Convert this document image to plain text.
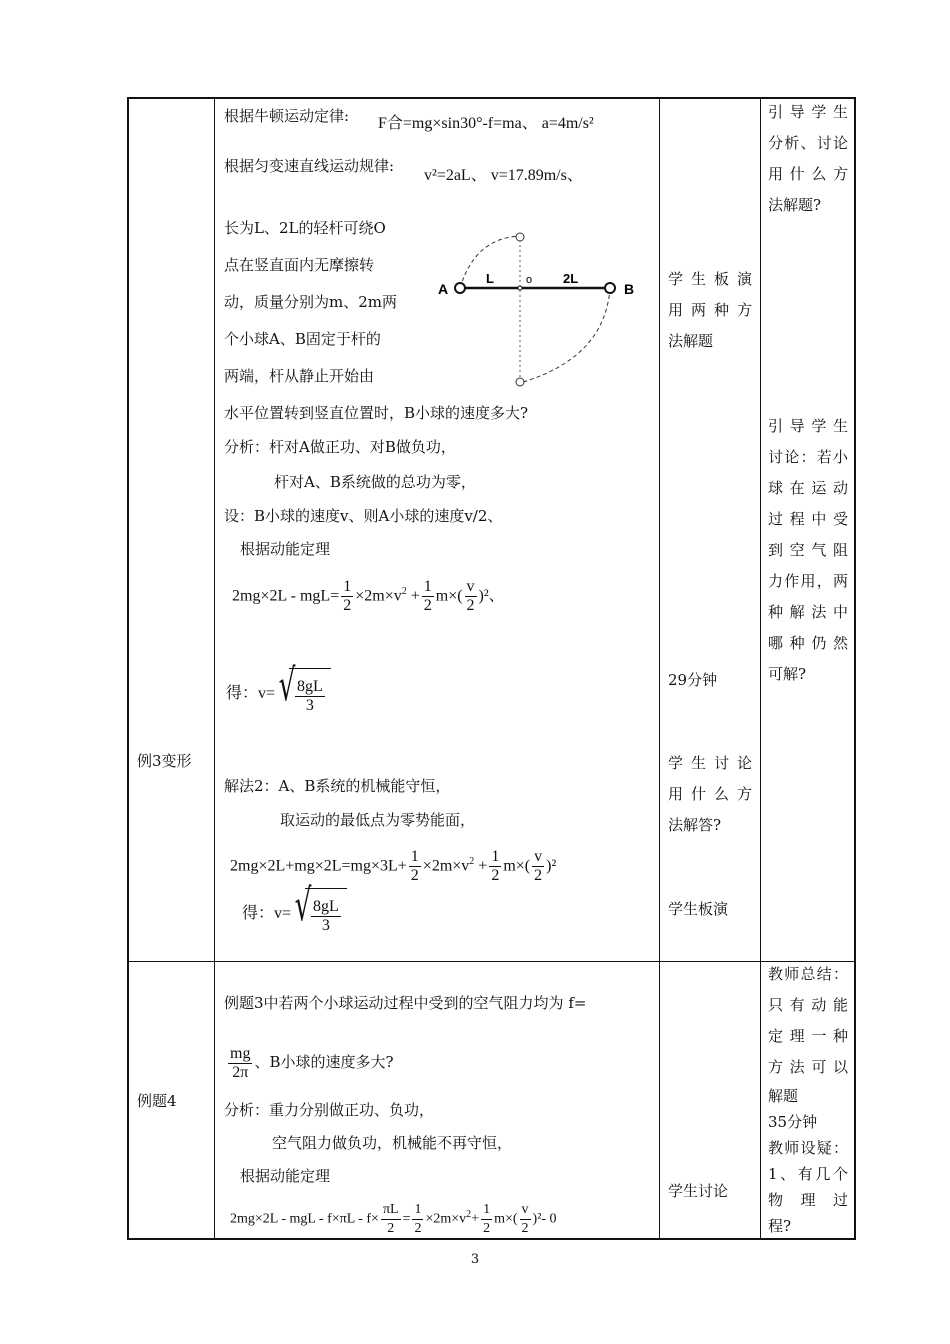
例3变形
例题4
根据牛顿运动定律: F合=mg×sin30°-f=ma、 a=4m/s²
根据匀变速直线运动规律:
v²=2aL、 v=17.89m/s、
长为L、2L的轻杆可绕O
点在竖直面内无摩擦转
动，质量分别为m、2m两
个小球A、B固定于杆的
两端，杆从静止开始由
水平位置转到竖直位置时，B小球的速度多大?
A	B
L	o 2L
分析：杆对A做正功、对B做负功，
杆对A、B系统做的总功为零，
设：B小球的速度v、则A小球的速度v/2、
根据动能定理
$2mg\times 2L - mgL= \frac{1}{2} \times 2m\times v^2 + \frac{1}{2} m\times( \frac{v}{2} )^2$、
得：v= √ $\frac{8gL}{3}$
解法2：A、B系统的机械能守恒，
取运动的最低点为零势能面，
$2mg\times 2L+mg\times 2L=mg\times 3L+ \frac{1}{2} \times 2m\times v^2 + \frac{1}{2} m\times( \frac{v}{2} )^2$
得：v= √ $\frac{8gL}{3}$
例题3中若两个小球运动过程中受到的空气阻力均为 f=
$\frac{mg}{2\pi}$ 、B小球的速度多大?
分析：重力分别做正功、负功，
空气阻力做负功，机械能不再守恒，
根据动能定理
2mg×2L - mgL - $f\times\pi L - f\times \frac{\pi L}{2} = \frac{1}{2} \times 2m\times v^2+ \frac{1}{2} m\times( \frac{v}{2} )^2-$ 0
学生板演
用两种方
法解题
29分钟
学生讨论
用什么方
法解答?
学生板演
学生讨论
引导学生
分析、讨论
用什么方
法解题?
引导学生
讨论：若小
球在运动
过程中受
到空气阻
力作用，两
种解法中
哪种仍然
可解?
教师总结：
只有动能
定理一种
方法可以
解题
35分钟
教师设疑：
1、有几个
物理过
程?
3
